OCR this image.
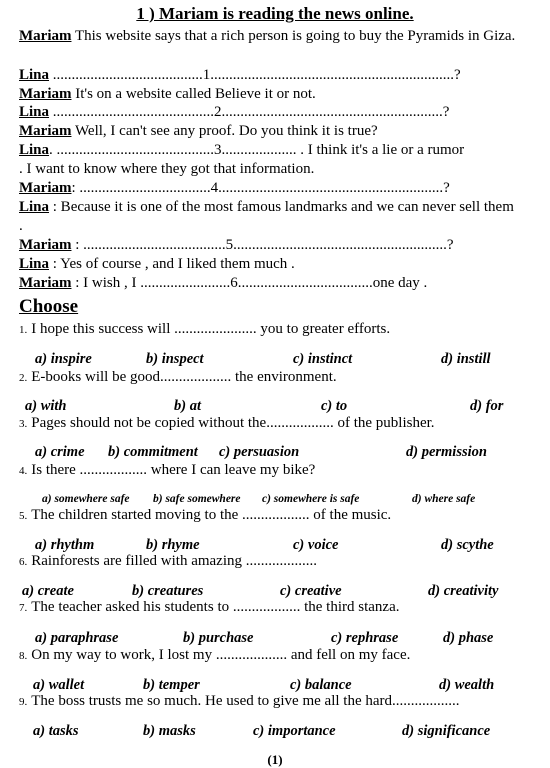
1 ) Mariam is reading the news online.
Mariam This website says that a rich person is going to buy the Pyramids in Giza.
Lina ........................................1.................................................................?
Mariam It's on a website called Believe it or not.
Lina ...........................................2...........................................................?
Mariam Well, I can't see any proof. Do you think it is true?
Lina. ..........................................3.................... . I think it's a lie or a rumor
. I want to know where they got that information.
Mariam: ...................................4............................................................?
Lina : Because it is one of the most famous landmarks and we can never sell them .
Mariam : ......................................5.........................................................?
Lina : Yes of course , and I liked them much .
Mariam : I wish , I ........................6....................................one day .
Choose
1. I hope this success will ...................... you to greater efforts.
a) inspire	b) inspect	c) instinct	d) instill
2. E-books will be good................... the environment.
a) with	b) at	c) to	d) for
3. Pages should not be copied without the.................. of the publisher.
a) crime b) commitment c) persuasion	d) permission
4. Is there .................. where I can leave my bike?
a) somewhere safe b) safe somewhere c) somewhere is safe	d) where safe
5. The children started moving to the .................. of the music.
a) rhythm	b) rhyme	c) voice	d) scythe
6. Rainforests are filled with amazing ...................
a) create	b) creatures	c) creative	d) creativity
7. The teacher asked his students to .................. the third stanza.
a) paraphrase	b) purchase	c) rephrase	d) phase
8. On my way to work, I lost my ................... and fell on my face.
a) wallet	b) temper	c) balance	d) wealth
9. The boss trusts me so much. He used to give me all the hard..................
a) tasks	b) masks	c) importance	d) significance
(1)
